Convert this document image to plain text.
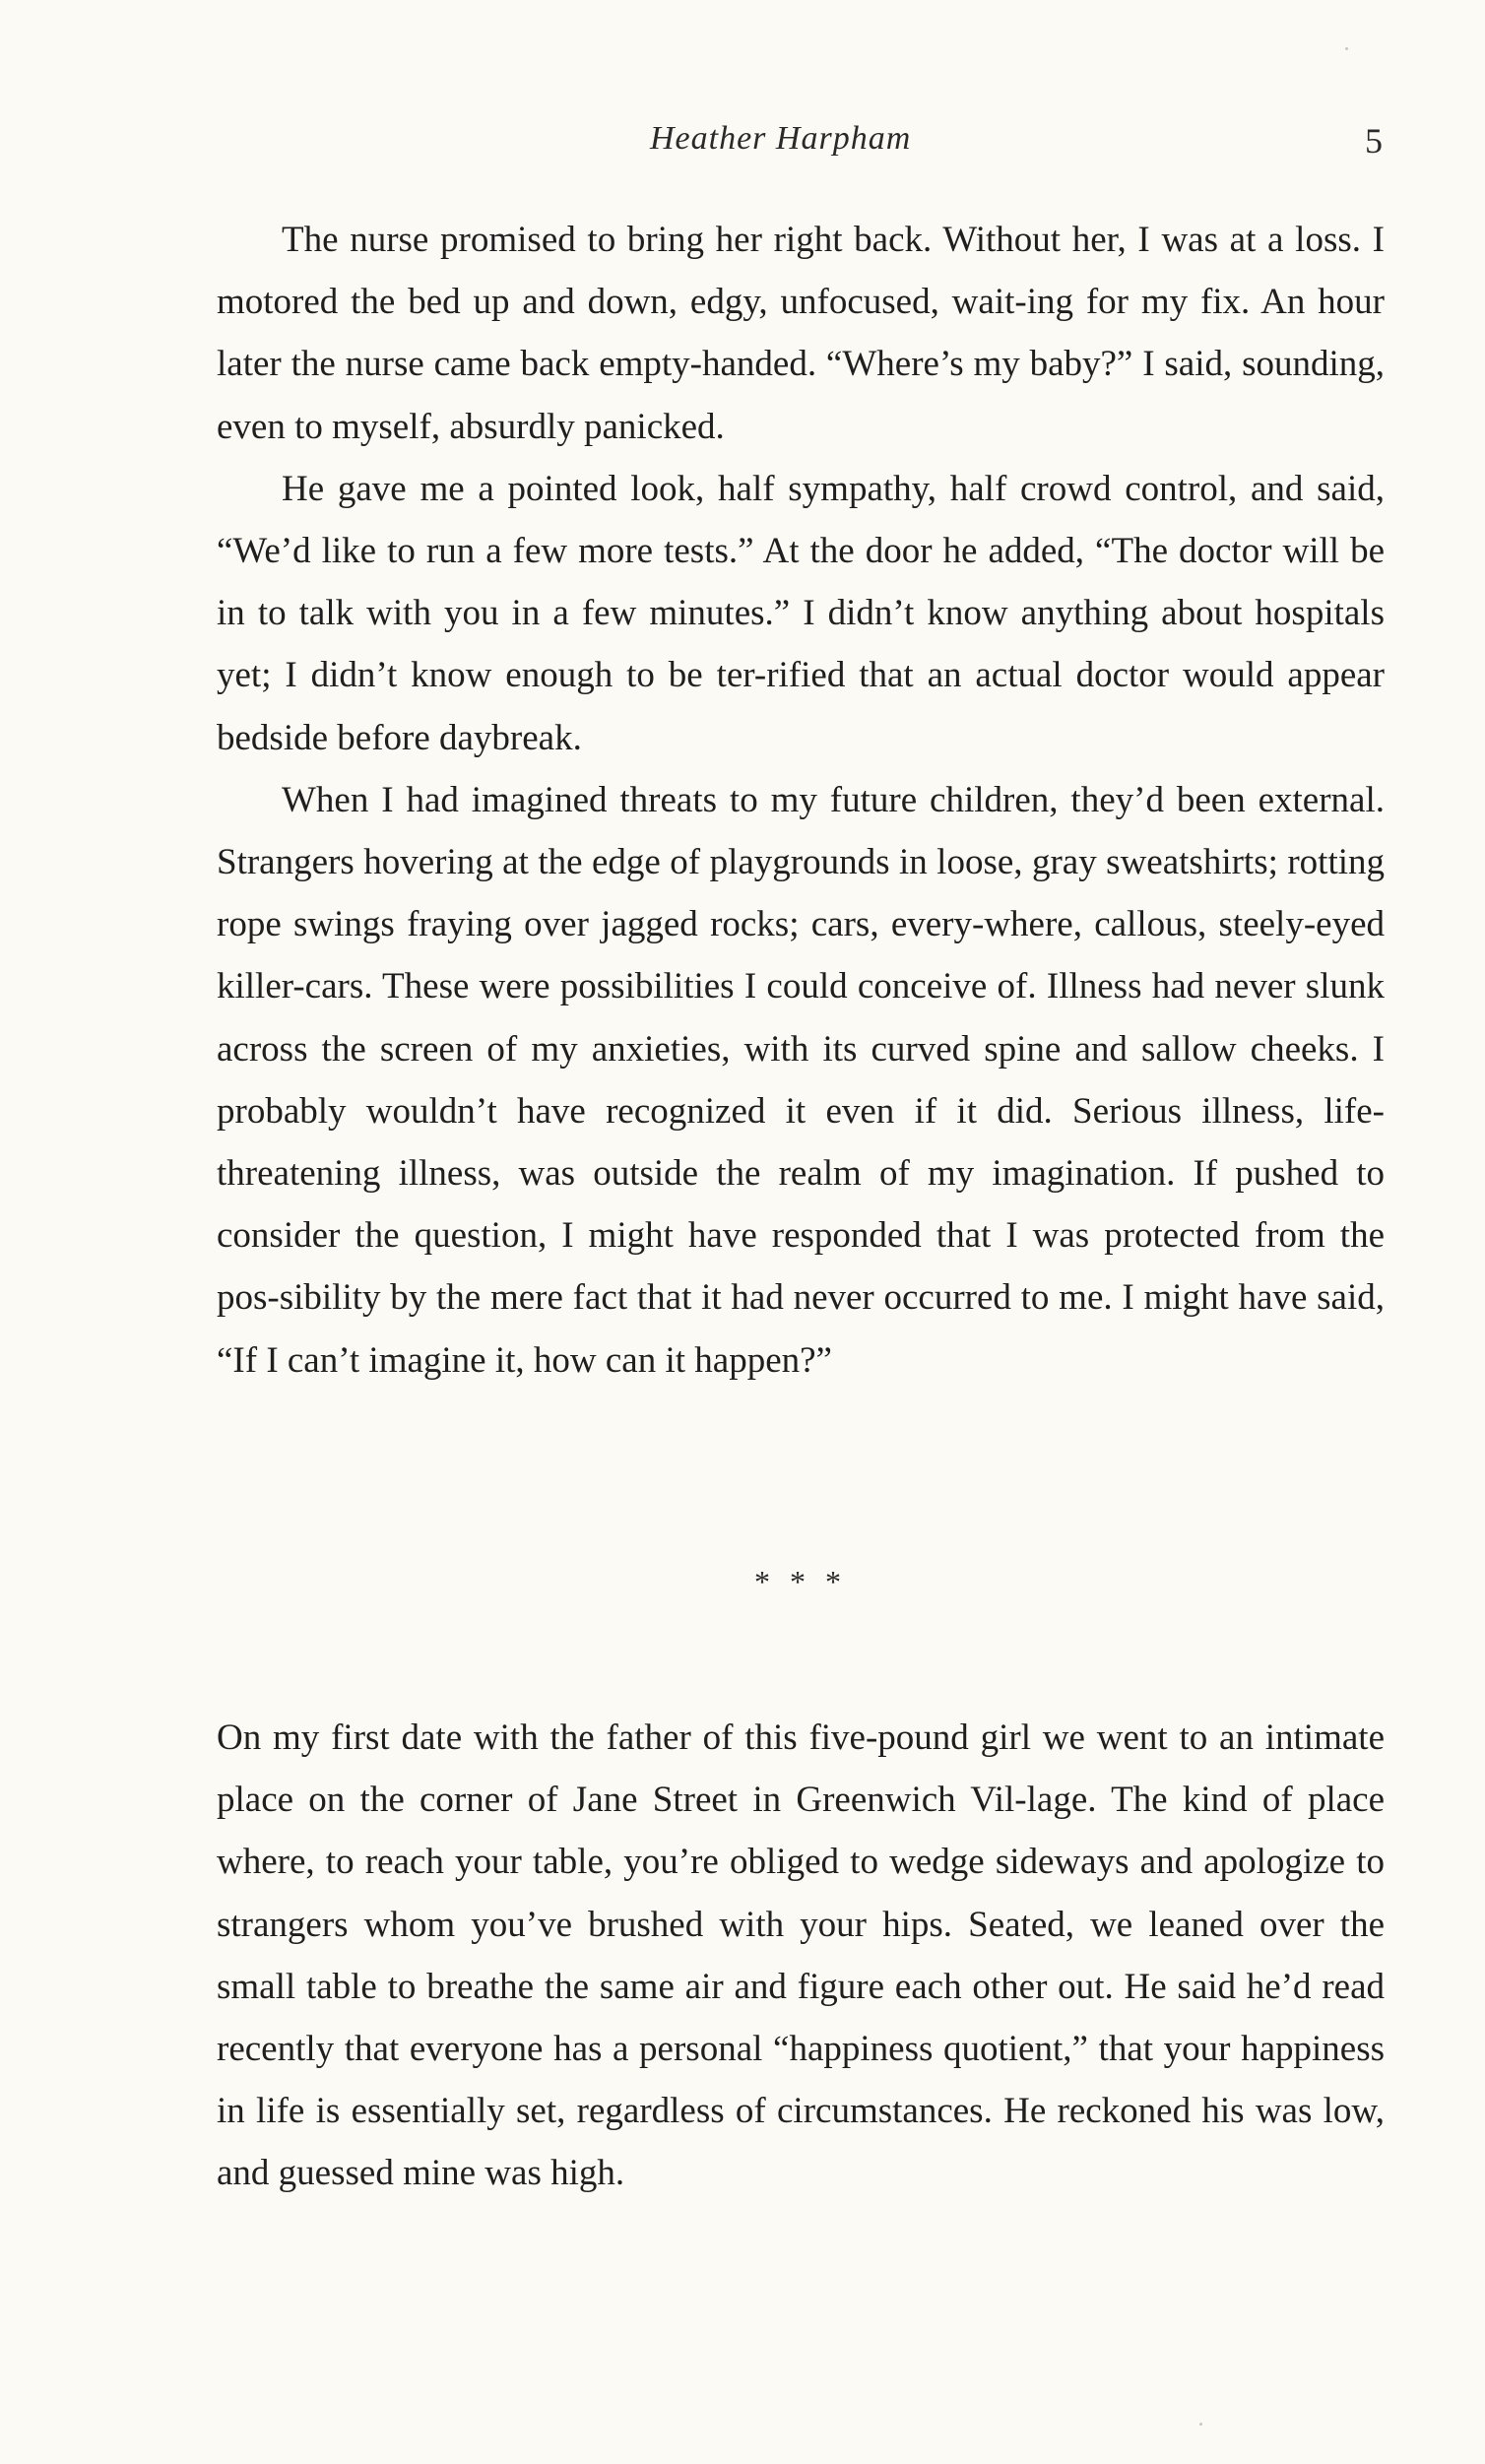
Heather Harpham	5

The nurse promised to bring her right back. Without her, I was at a loss. I motored the bed up and down, edgy, unfocused, wait-ing for my fix. An hour later the nurse came back empty-handed. “Where’s my baby?” I said, sounding, even to myself, absurdly panicked.

He gave me a pointed look, half sympathy, half crowd control, and said, “We’d like to run a few more tests.” At the door he added, “The doctor will be in to talk with you in a few minutes.” I didn’t know anything about hospitals yet; I didn’t know enough to be ter-rified that an actual doctor would appear bedside before daybreak.

When I had imagined threats to my future children, they’d been external. Strangers hovering at the edge of playgrounds in loose, gray sweatshirts; rotting rope swings fraying over jagged rocks; cars, every-where, callous, steely-eyed killer-cars. These were possibilities I could conceive of. Illness had never slunk across the screen of my anxieties, with its curved spine and sallow cheeks. I probably wouldn’t have recognized it even if it did. Serious illness, life-threatening illness, was outside the realm of my imagination. If pushed to consider the question, I might have responded that I was protected from the pos-sibility by the mere fact that it had never occurred to me. I might have said, “If I can’t imagine it, how can it happen?”

* * *

On my first date with the father of this five-pound girl we went to an intimate place on the corner of Jane Street in Greenwich Vil-lage. The kind of place where, to reach your table, you’re obliged to wedge sideways and apologize to strangers whom you’ve brushed with your hips. Seated, we leaned over the small table to breathe the same air and figure each other out. He said he’d read recently that everyone has a personal “happiness quotient,” that your happiness in life is essentially set, regardless of circumstances. He reckoned his was low, and guessed mine was high.
